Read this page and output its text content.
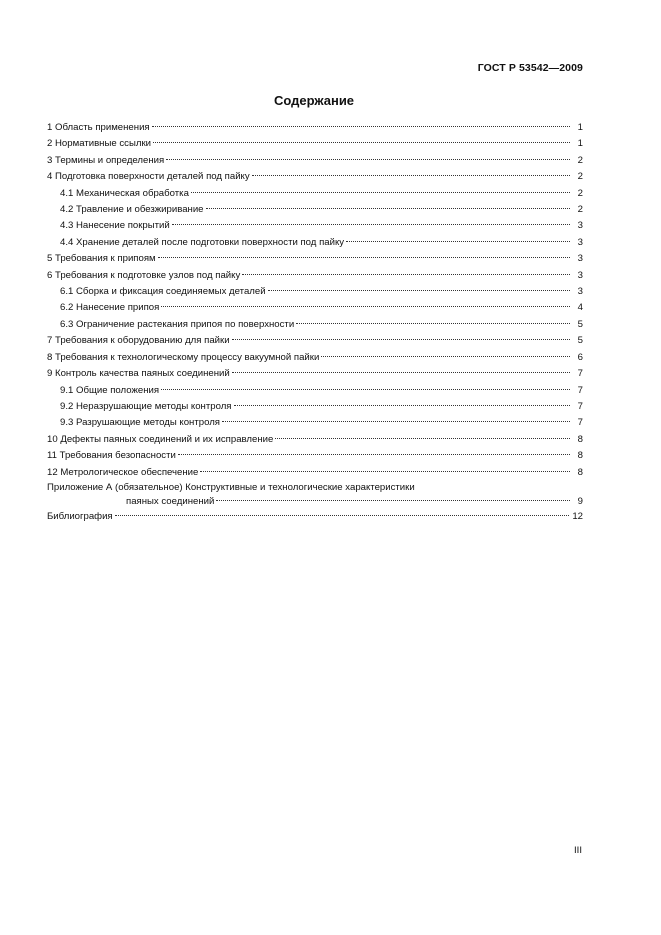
ГОСТ Р 53542—2009
Содержание
1 Область применения	1
2 Нормативные ссылки	1
3 Термины и определения	2
4 Подготовка поверхности деталей под пайку	2
4.1 Механическая обработка	2
4.2 Травление и обезжиривание	2
4.3 Нанесение покрытий	3
4.4 Хранение деталей после подготовки поверхности под пайку	3
5 Требования к припоям	3
6 Требования к подготовке узлов под пайку	3
6.1 Сборка и фиксация соединяемых деталей	3
6.2 Нанесение припоя	4
6.3 Ограничение растекания припоя по поверхности	5
7 Требования к оборудованию для пайки	5
8 Требования к технологическому процессу вакуумной пайки	6
9 Контроль качества паяных соединений	7
9.1 Общие положения	7
9.2 Неразрушающие методы контроля	7
9.3 Разрушающие методы контроля	7
10 Дефекты паяных соединений и их исправление	8
11 Требования безопасности	8
12 Метрологическое обеспечение	8
Приложение А (обязательное) Конструктивные и технологические характеристики
паяных соединений	9
Библиография	12
III
